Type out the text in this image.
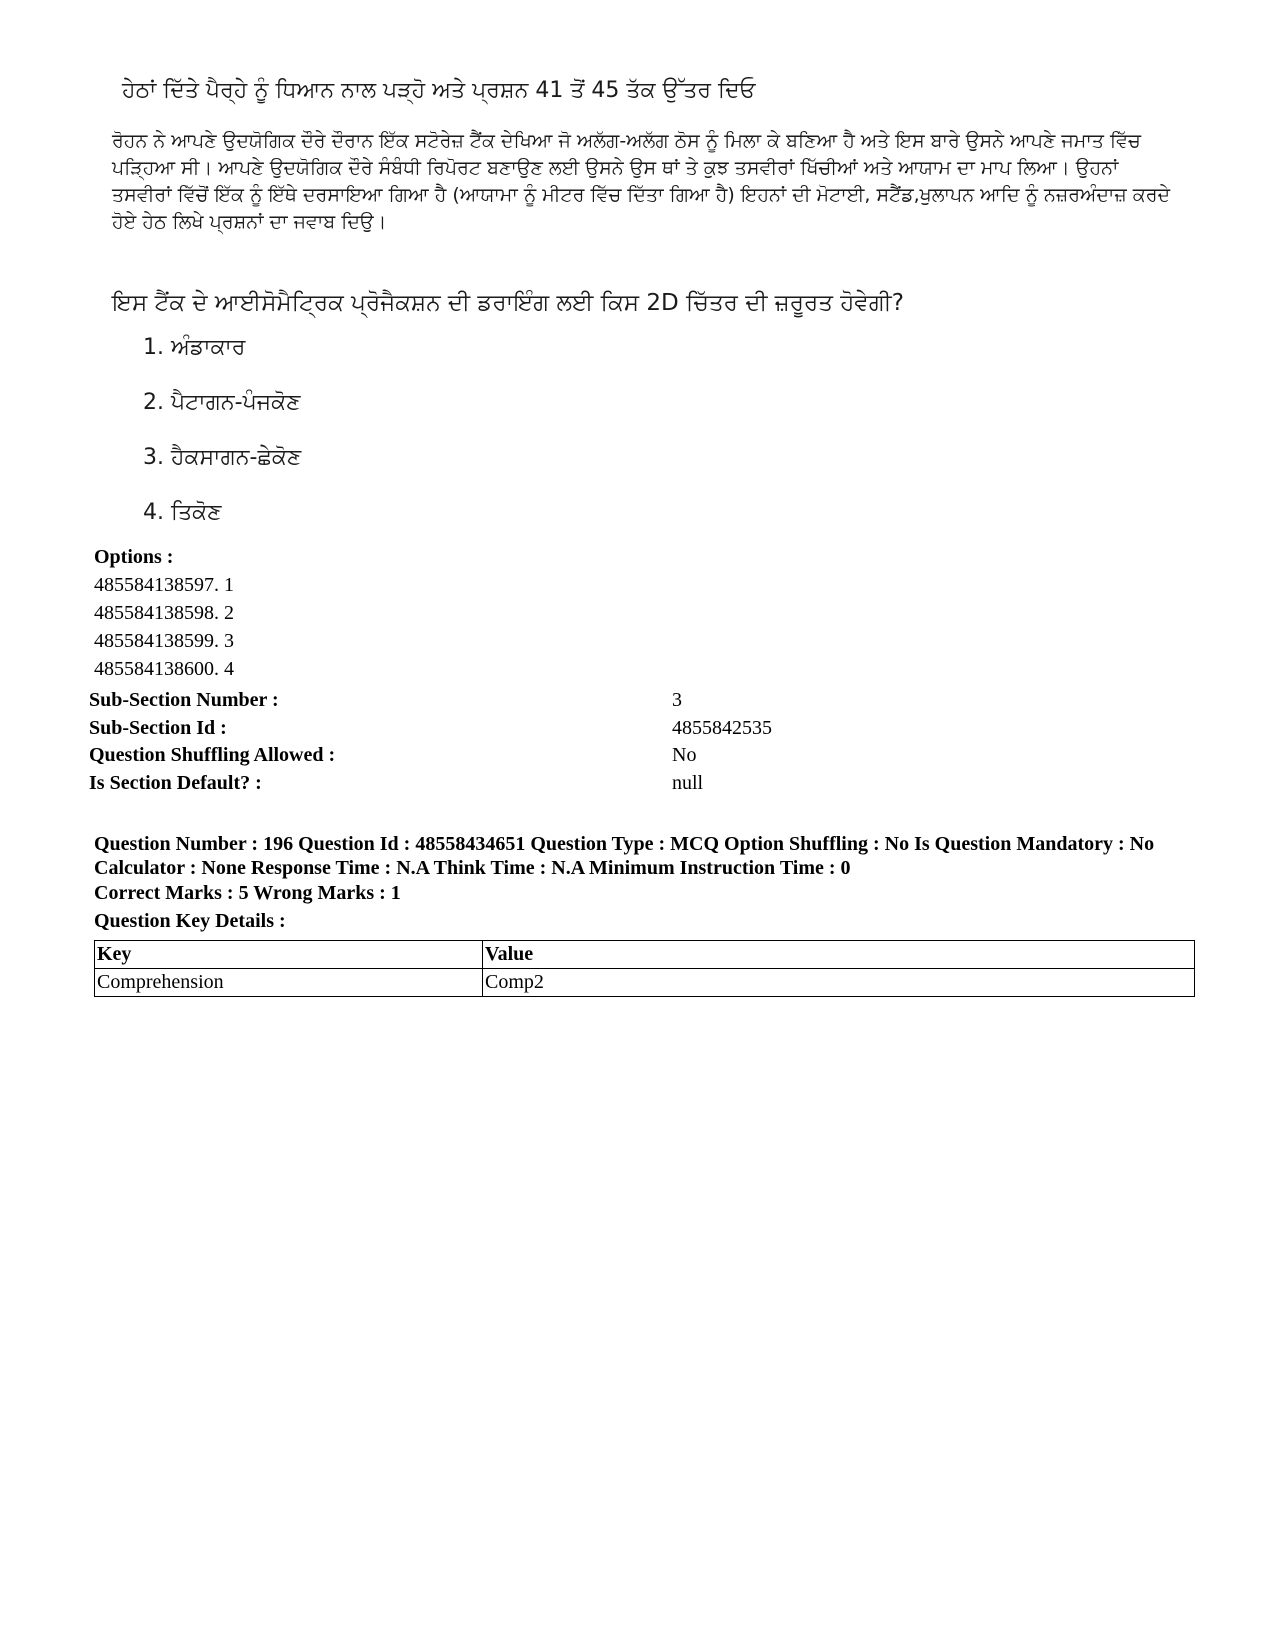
ਹੇਠਾਂ ਦਿੱਤੇ ਪੈਰ੍ਹੇ ਨੂੰ ਧਿਆਨ ਨਾਲ ਪੜ੍ਹੋ ਅਤੇ ਪ੍ਰਸ਼ਨ 41 ਤੋਂ 45 ਤੱਕ ਉੱਤਰ ਦਿਓ
ਰੋਹਨ ਨੇ ਆਪਣੇ ਉਦਯੋਗਿਕ ਦੌਰੇ ਦੌਰਾਨ ਇੱਕ ਸਟੋਰੇਜ਼ ਟੈਂਕ ਦੇਖਿਆ ਜੋ ਅਲੱਗ-ਅਲੱਗ ਠੋਸ ਨੂੰ ਮਿਲਾ ਕੇ ਬਣਿਆ ਹੈ ਅਤੇ ਇਸ ਬਾਰੇ ਉਸਨੇ ਆਪਣੇ ਜਮਾਤ ਵਿੱਚ ਪੜ੍ਹਿਆ ਸੀ। ਆਪਣੇ ਉਦਯੋਗਿਕ ਦੌਰੇ ਸੰਬੰਧੀ ਰਿਪੋਰਟ ਬਣਾਉਣ ਲਈ ਉਸਨੇ ਉਸ ਥਾਂ ਤੇ ਕੁਝ ਤਸਵੀਰਾਂ ਖਿੱਚੀਆਂ ਅਤੇ ਆਯਾਮ ਦਾ ਮਾਪ ਲਿਆ। ਉਹਨਾਂ ਤਸਵੀਰਾਂ ਵਿੱਚੋਂ ਇੱਕ ਨੂੰ ਇੱਥੇ ਦਰਸਾਇਆ ਗਿਆ ਹੈ (ਆਯਾਮਾ ਨੂੰ ਮੀਟਰ ਵਿੱਚ ਦਿੱਤਾ ਗਿਆ ਹੈ) ਇਹਨਾਂ ਦੀ ਮੋਟਾਈ, ਸਟੈਂਡ,ਖੁਲਾਪਨ ਆਦਿ ਨੂੰ ਨਜ਼ਰਅੰਦਾਜ਼ ਕਰਦੇ ਹੋਏ ਹੇਠ ਲਿਖੇ ਪ੍ਰਸ਼ਨਾਂ ਦਾ ਜਵਾਬ ਦਿਉ।
ਇਸ ਟੈਂਕ ਦੇ ਆਈਸੋਮੈਟ੍ਰਿਕ ਪ੍ਰੋਜੈਕਸ਼ਨ ਦੀ ਡਰਾਇੰਗ ਲਈ ਕਿਸ 2D ਚਿੱਤਰ ਦੀ ਜ਼ਰੂਰਤ ਹੋਵੇਗੀ?
1. ਅੰਡਾਕਾਰ
2. ਪੈਟਾਗਨ-ਪੰਜਕੋਣ
3. ਹੈਕਸਾਗਨ-ਛੇਕੋਣ
4. ਤਿਕੋਣ
Options :
485584138597. 1
485584138598. 2
485584138599. 3
485584138600. 4
Sub-Section Number :	3
Sub-Section Id :	4855842535
Question Shuffling Allowed :	No
Is Section Default? :	null
Question Number : 196 Question Id : 48558434651 Question Type : MCQ Option Shuffling : No Is Question Mandatory : No Calculator : None Response Time : N.A Think Time : N.A Minimum Instruction Time : 0
Correct Marks : 5 Wrong Marks : 1
Question Key Details :
Key	Value
Comprehension	Comp2
